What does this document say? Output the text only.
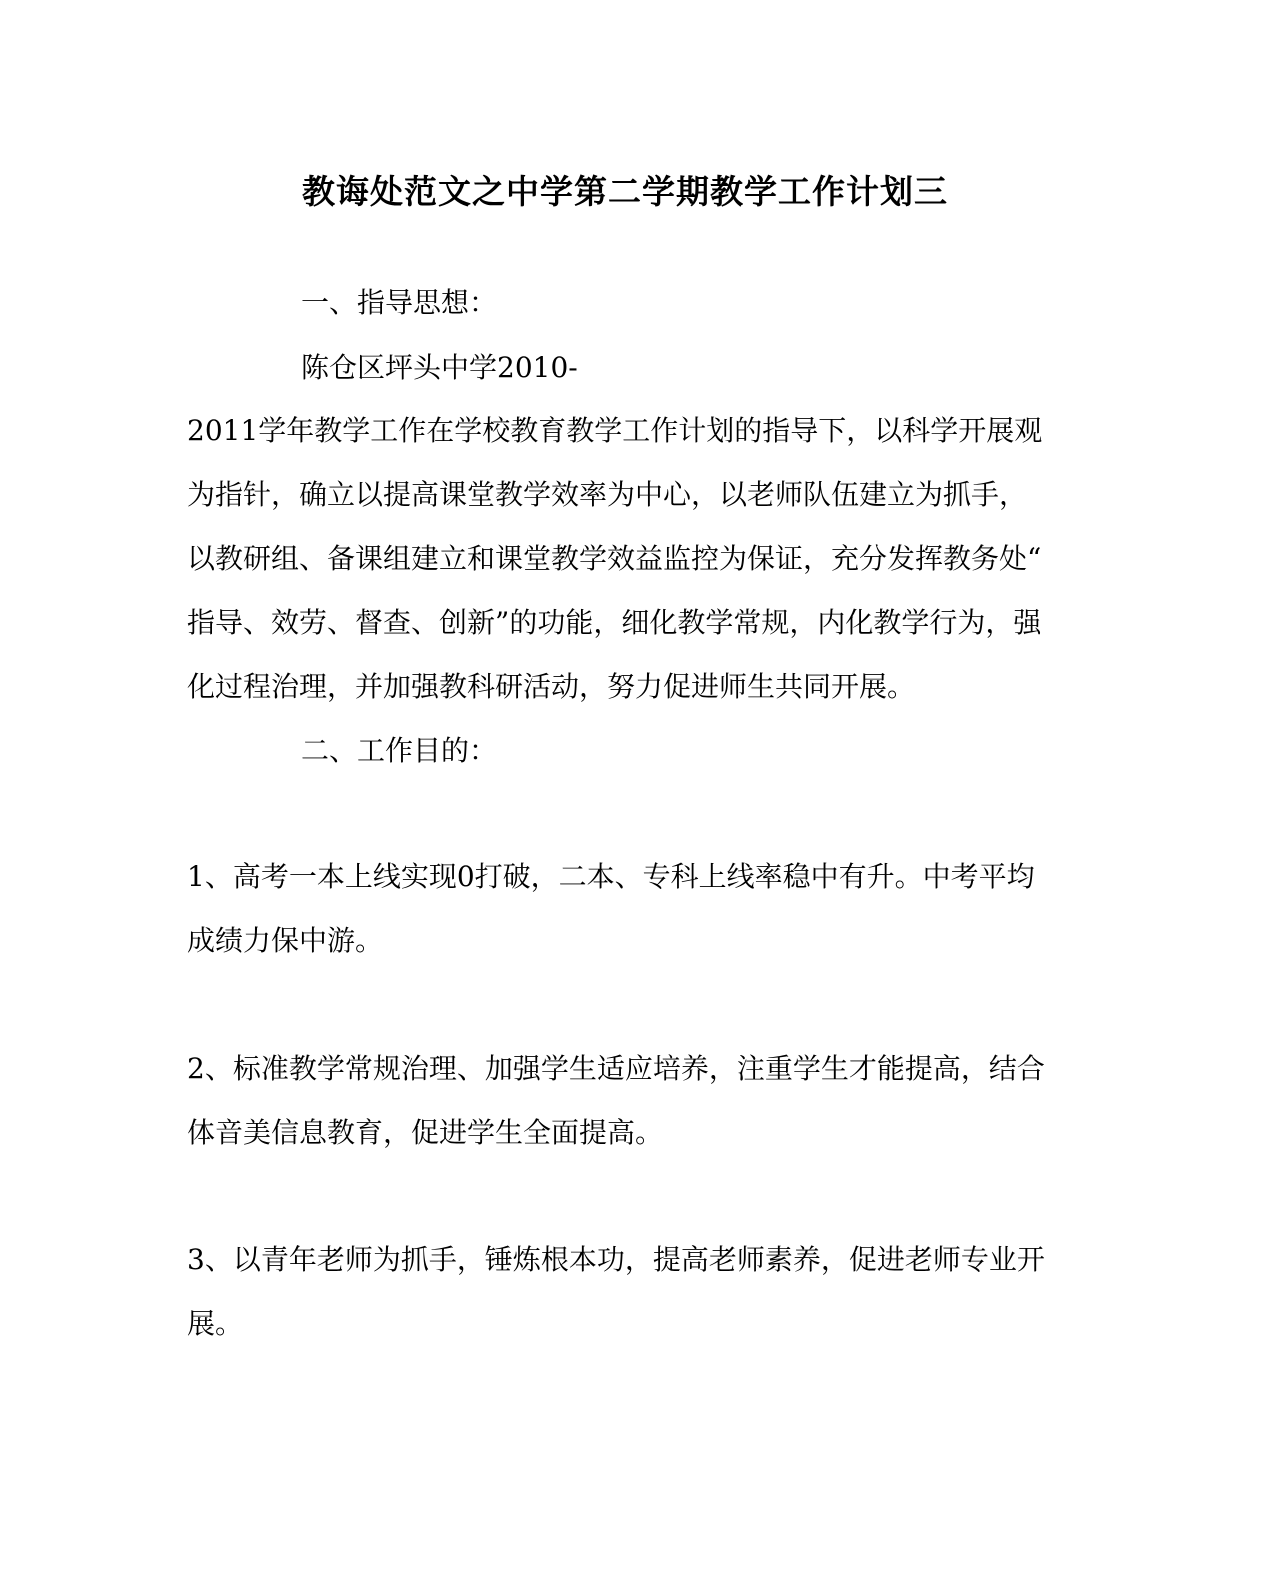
教诲处范文之中学第二学期教学工作计划三
一、指导思想：
陈仓区坪头中学2010-
2011学年教学工作在学校教育教学工作计划的指导下，以科学开展观
为指针，确立以提高课堂教学效率为中心，以老师队伍建立为抓手，
以教研组、备课组建立和课堂教学效益监控为保证，充分发挥教务处“
指导、效劳、督查、创新”的功能，细化教学常规，内化教学行为，强
化过程治理，并加强教科研活动，努力促进师生共同开展。
二、工作目的：
1、高考一本上线实现0打破，二本、专科上线率稳中有升。中考平均
成绩力保中游。
2、标准教学常规治理、加强学生适应培养，注重学生才能提高，结合
体音美信息教育，促进学生全面提高。
3、以青年老师为抓手，锤炼根本功，提高老师素养，促进老师专业开
展。
